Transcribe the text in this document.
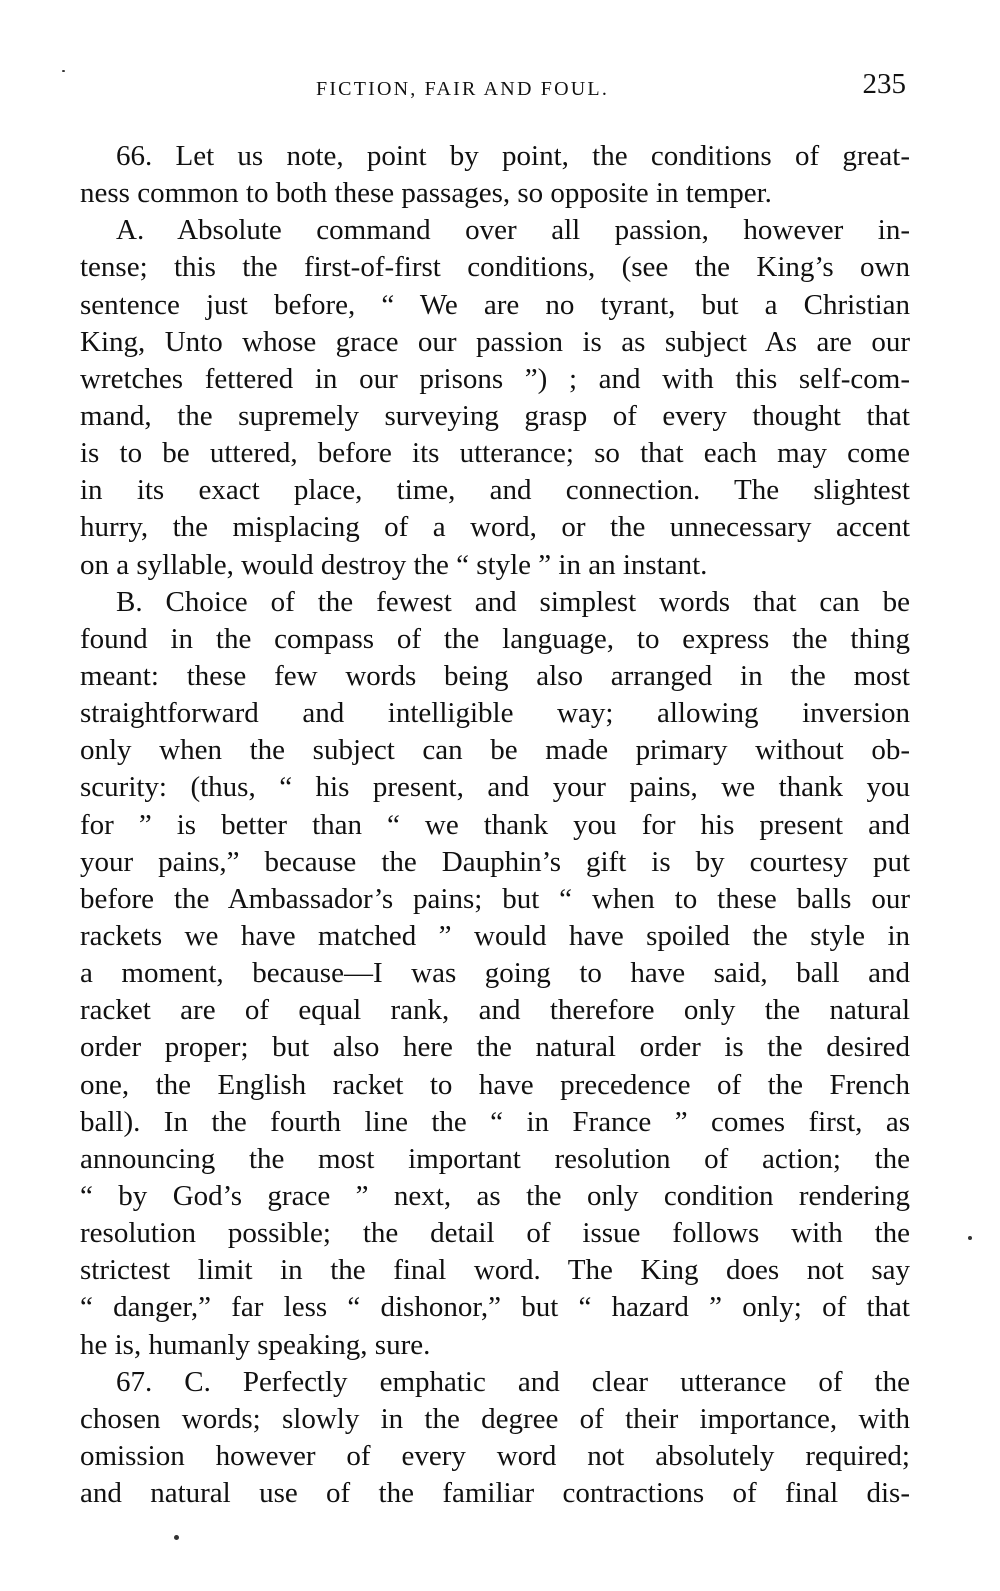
FICTION, FAIR AND FOUL.	235
66. Let us note, point by point, the conditions of great-
ness common to both these passages, so opposite in temper.
A. Absolute command over all passion, however in-
tense; this the first-of-first conditions, (see the King’s own
sentence just before, “ We are no tyrant, but a Christian
King, Unto whose grace our passion is as subject As are our
wretches fettered in our prisons ”) ; and with this self-com-
mand, the supremely surveying grasp of every thought that
is to be uttered, before its utterance; so that each may come
in its exact place, time, and connection. The slightest
hurry, the misplacing of a word, or the unnecessary accent
on a syllable, would destroy the “ style ” in an instant.
B. Choice of the fewest and simplest words that can be
found in the compass of the language, to express the thing
meant: these few words being also arranged in the most
straightforward and intelligible way; allowing inversion
only when the subject can be made primary without ob-
scurity: (thus, “ his present, and your pains, we thank you
for ” is better than “ we thank you for his present and
your pains,” because the Dauphin’s gift is by courtesy put
before the Ambassador’s pains; but “ when to these balls our
rackets we have matched ” would have spoiled the style in
a moment, because—I was going to have said, ball and
racket are of equal rank, and therefore only the natural
order proper; but also here the natural order is the desired
one, the English racket to have precedence of the French
ball). In the fourth line the “ in France ” comes first, as
announcing the most important resolution of action; the
“ by God’s grace ” next, as the only condition rendering
resolution possible; the detail of issue follows with the
strictest limit in the final word. The King does not say
“ danger,” far less “ dishonor,” but “ hazard ” only; of that
he is, humanly speaking, sure.
67. C. Perfectly emphatic and clear utterance of the
chosen words; slowly in the degree of their importance, with
omission however of every word not absolutely required;
and natural use of the familiar contractions of final dis-
